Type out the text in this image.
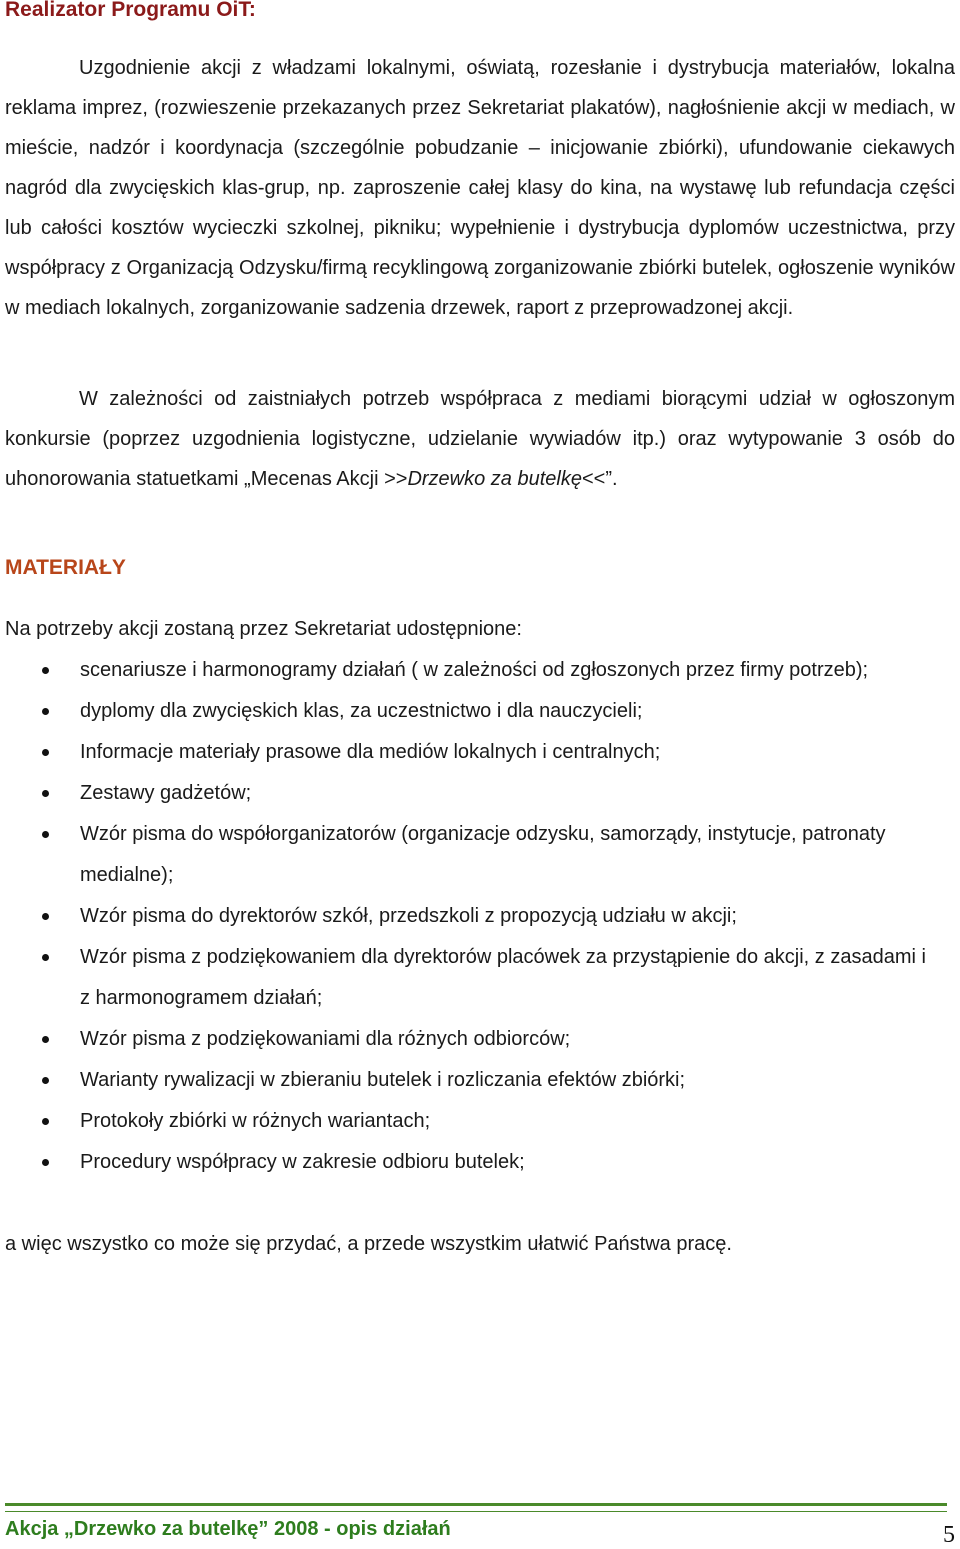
Realizator Programu OiT:

Uzgodnienie akcji z władzami lokalnymi, oświatą, rozesłanie i dystrybucja materiałów, lokalna reklama imprez, (rozwieszenie przekazanych przez Sekretariat plakatów), nagłośnienie akcji w mediach, w mieście, nadzór i koordynacja (szczególnie pobudzanie – inicjowanie zbiórki), ufundowanie ciekawych nagród dla zwycięskich klas-grup, np. zaproszenie całej klasy do kina, na wystawę lub refundacja części lub całości kosztów wycieczki szkolnej, pikniku; wypełnienie i dystrybucja dyplomów uczestnictwa, przy współpracy z Organizacją Odzysku/firmą recyklingową zorganizowanie zbiórki butelek, ogłoszenie wyników w mediach lokalnych, zorganizowanie sadzenia drzewek, raport z przeprowadzonej akcji.

W zależności od zaistniałych potrzeb współpraca z mediami biorącymi udział w ogłoszonym konkursie (poprzez uzgodnienia logistyczne, udzielanie wywiadów itp.) oraz wytypowanie 3 osób do uhonorowania statuetkami „Mecenas Akcji >>Drzewko za butelkę<<”.

MATERIAŁY

Na potrzeby akcji zostaną przez Sekretariat udostępnione:

scenariusze i harmonogramy działań ( w zależności od zgłoszonych przez firmy potrzeb);
dyplomy dla zwycięskich klas, za uczestnictwo i dla nauczycieli;
Informacje materiały prasowe dla mediów lokalnych i centralnych;
Zestawy gadżetów;
Wzór pisma do współorganizatorów (organizacje odzysku, samorządy, instytucje, patronaty medialne);
Wzór pisma do dyrektorów szkół, przedszkoli z propozycją udziału w akcji;
Wzór pisma z podziękowaniem dla dyrektorów placówek za przystąpienie do akcji, z zasadami i z harmonogramem działań;
Wzór pisma z podziękowaniami dla różnych odbiorców;
Warianty rywalizacji w zbieraniu butelek i rozliczania efektów zbiórki;
Protokoły zbiórki w różnych wariantach;
Procedury współpracy w zakresie odbioru butelek;

a więc wszystko co może się przydać, a przede wszystkim ułatwić Państwa pracę.

Akcja „Drzewko za butelkę” 2008 - opis działań	5
